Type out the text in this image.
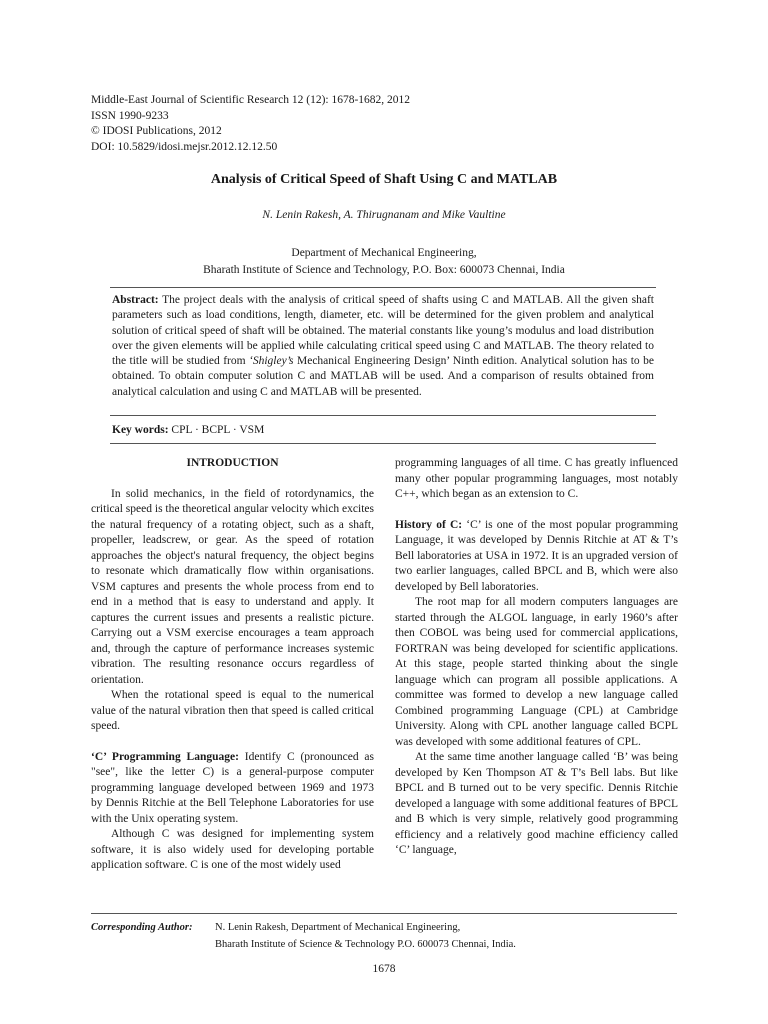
Middle-East Journal of Scientific Research 12 (12): 1678-1682, 2012
ISSN 1990-9233
© IDOSI Publications, 2012
DOI: 10.5829/idosi.mejsr.2012.12.12.50
Analysis of Critical Speed of Shaft Using C and MATLAB
N. Lenin Rakesh, A. Thirugnanam and Mike Vaultine
Department of Mechanical Engineering,
Bharath Institute of Science and Technology, P.O. Box: 600073 Chennai, India
Abstract: The project deals with the analysis of critical speed of shafts using C and MATLAB. All the given shaft parameters such as load conditions, length, diameter, etc. will be determined for the given problem and analytical solution of critical speed of shaft will be obtained. The material constants like young’s modulus and load distribution over the given elements will be applied while calculating critical speed using C and MATLAB. The theory related to the title will be studied from ‘Shigley’s Mechanical Engineering Design’ Ninth edition. Analytical solution has to be obtained. To obtain computer solution C and MATLAB will be used. And a comparison of results obtained from analytical calculation and using C and MATLAB will be presented.
Key words: CPL · BCPL · VSM

INTRODUCTION

In solid mechanics, in the field of rotordynamics, the critical speed is the theoretical angular velocity which excites the natural frequency of a rotating object, such as a shaft, propeller, leadscrew, or gear. As the speed of rotation approaches the object's natural frequency, the object begins to resonate which dramatically flow within organisations. VSM captures and presents the whole process from end to end in a method that is easy to understand and apply. It captures the current issues and presents a realistic picture. Carrying out a VSM exercise encourages a team approach and, through the capture of performance increases systemic vibration. The resulting resonance occurs regardless of orientation.

When the rotational speed is equal to the numerical value of the natural vibration then that speed is called critical speed.

‘C’ Programming Language: Identify C (pronounced as "see", like the letter C) is a general-purpose computer programming language developed between 1969 and 1973 by Dennis Ritchie at the Bell Telephone Laboratories for use with the Unix operating system.

Although C was designed for implementing system software, it is also widely used for developing portable application software. C is one of the most widely used

programming languages of all time. C has greatly influenced many other popular programming languages, most notably C++, which began as an extension to C.

History of C: ‘C’ is one of the most popular programming Language, it was developed by Dennis Ritchie at AT & T’s Bell laboratories at USA in 1972. It is an upgraded version of two earlier languages, called BPCL and B, which were also developed by Bell laboratories.

The root map for all modern computers languages are started through the ALGOL language, in early 1960’s after then COBOL was being used for commercial applications, FORTRAN was being developed for scientific applications. At this stage, people started thinking about the single language which can program all possible applications. A committee was formed to develop a new language called Combined programming Language (CPL) at Cambridge University. Along with CPL another language called BCPL was developed with some additional features of CPL.

At the same time another language called ‘B’ was being developed by Ken Thompson AT & T’s Bell labs. But like BPCL and B turned out to be very specific. Dennis Ritchie developed a language with some additional features of BPCL and B which is very simple, relatively good programming efficiency and a relatively good machine efficiency called ‘C’ language,

Corresponding Author: N. Lenin Rakesh, Department of Mechanical Engineering,
Bharath Institute of Science & Technology P.O. 600073 Chennai, India.
1678
